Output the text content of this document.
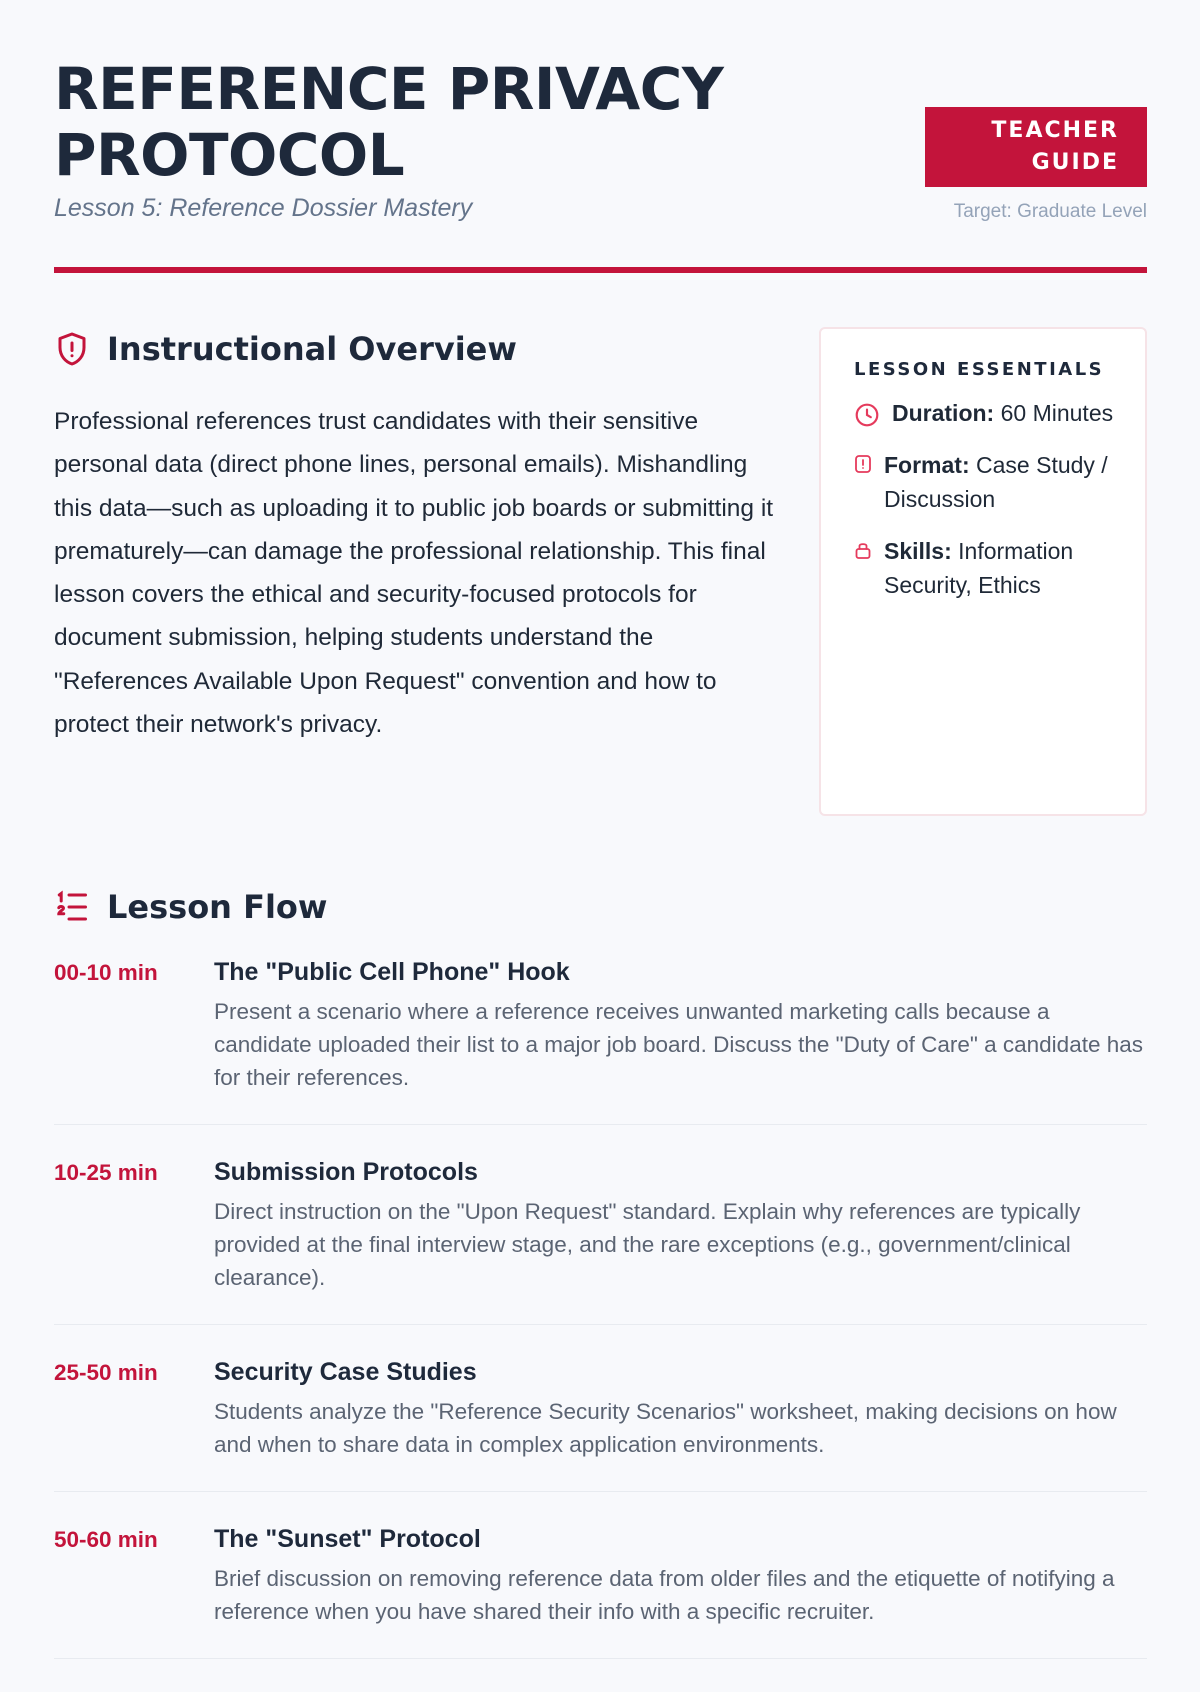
REFERENCE PRIVACY PROTOCOL
Lesson 5: Reference Dossier Mastery
TEACHER GUIDE
Target: Graduate Level
Instructional Overview

Professional references trust candidates with their sensitive personal data (direct phone lines, personal emails). Mishandling this data—such as uploading it to public job boards or submitting it prematurely—can damage the professional relationship. This final lesson covers the ethical and security-focused protocols for document submission, helping students understand the "References Available Upon Request" convention and how to protect their network's privacy.

LESSON ESSENTIALS
Duration: 60 Minutes
Format: Case Study / Discussion
Skills: Information Security, Ethics
Lesson Flow
00-10 min	The "Public Cell Phone" Hook
Present a scenario where a reference receives unwanted marketing calls because a candidate uploaded their list to a major job board. Discuss the "Duty of Care" a candidate has for their references.
10-25 min	Submission Protocols
Direct instruction on the "Upon Request" standard. Explain why references are typically provided at the final interview stage, and the rare exceptions (e.g., government/clinical clearance).
25-50 min	Security Case Studies
Students analyze the "Reference Security Scenarios" worksheet, making decisions on how and when to share data in complex application environments.
50-60 min	The "Sunset" Protocol
Brief discussion on removing reference data from older files and the etiquette of notifying a reference when you have shared their info with a specific recruiter.
